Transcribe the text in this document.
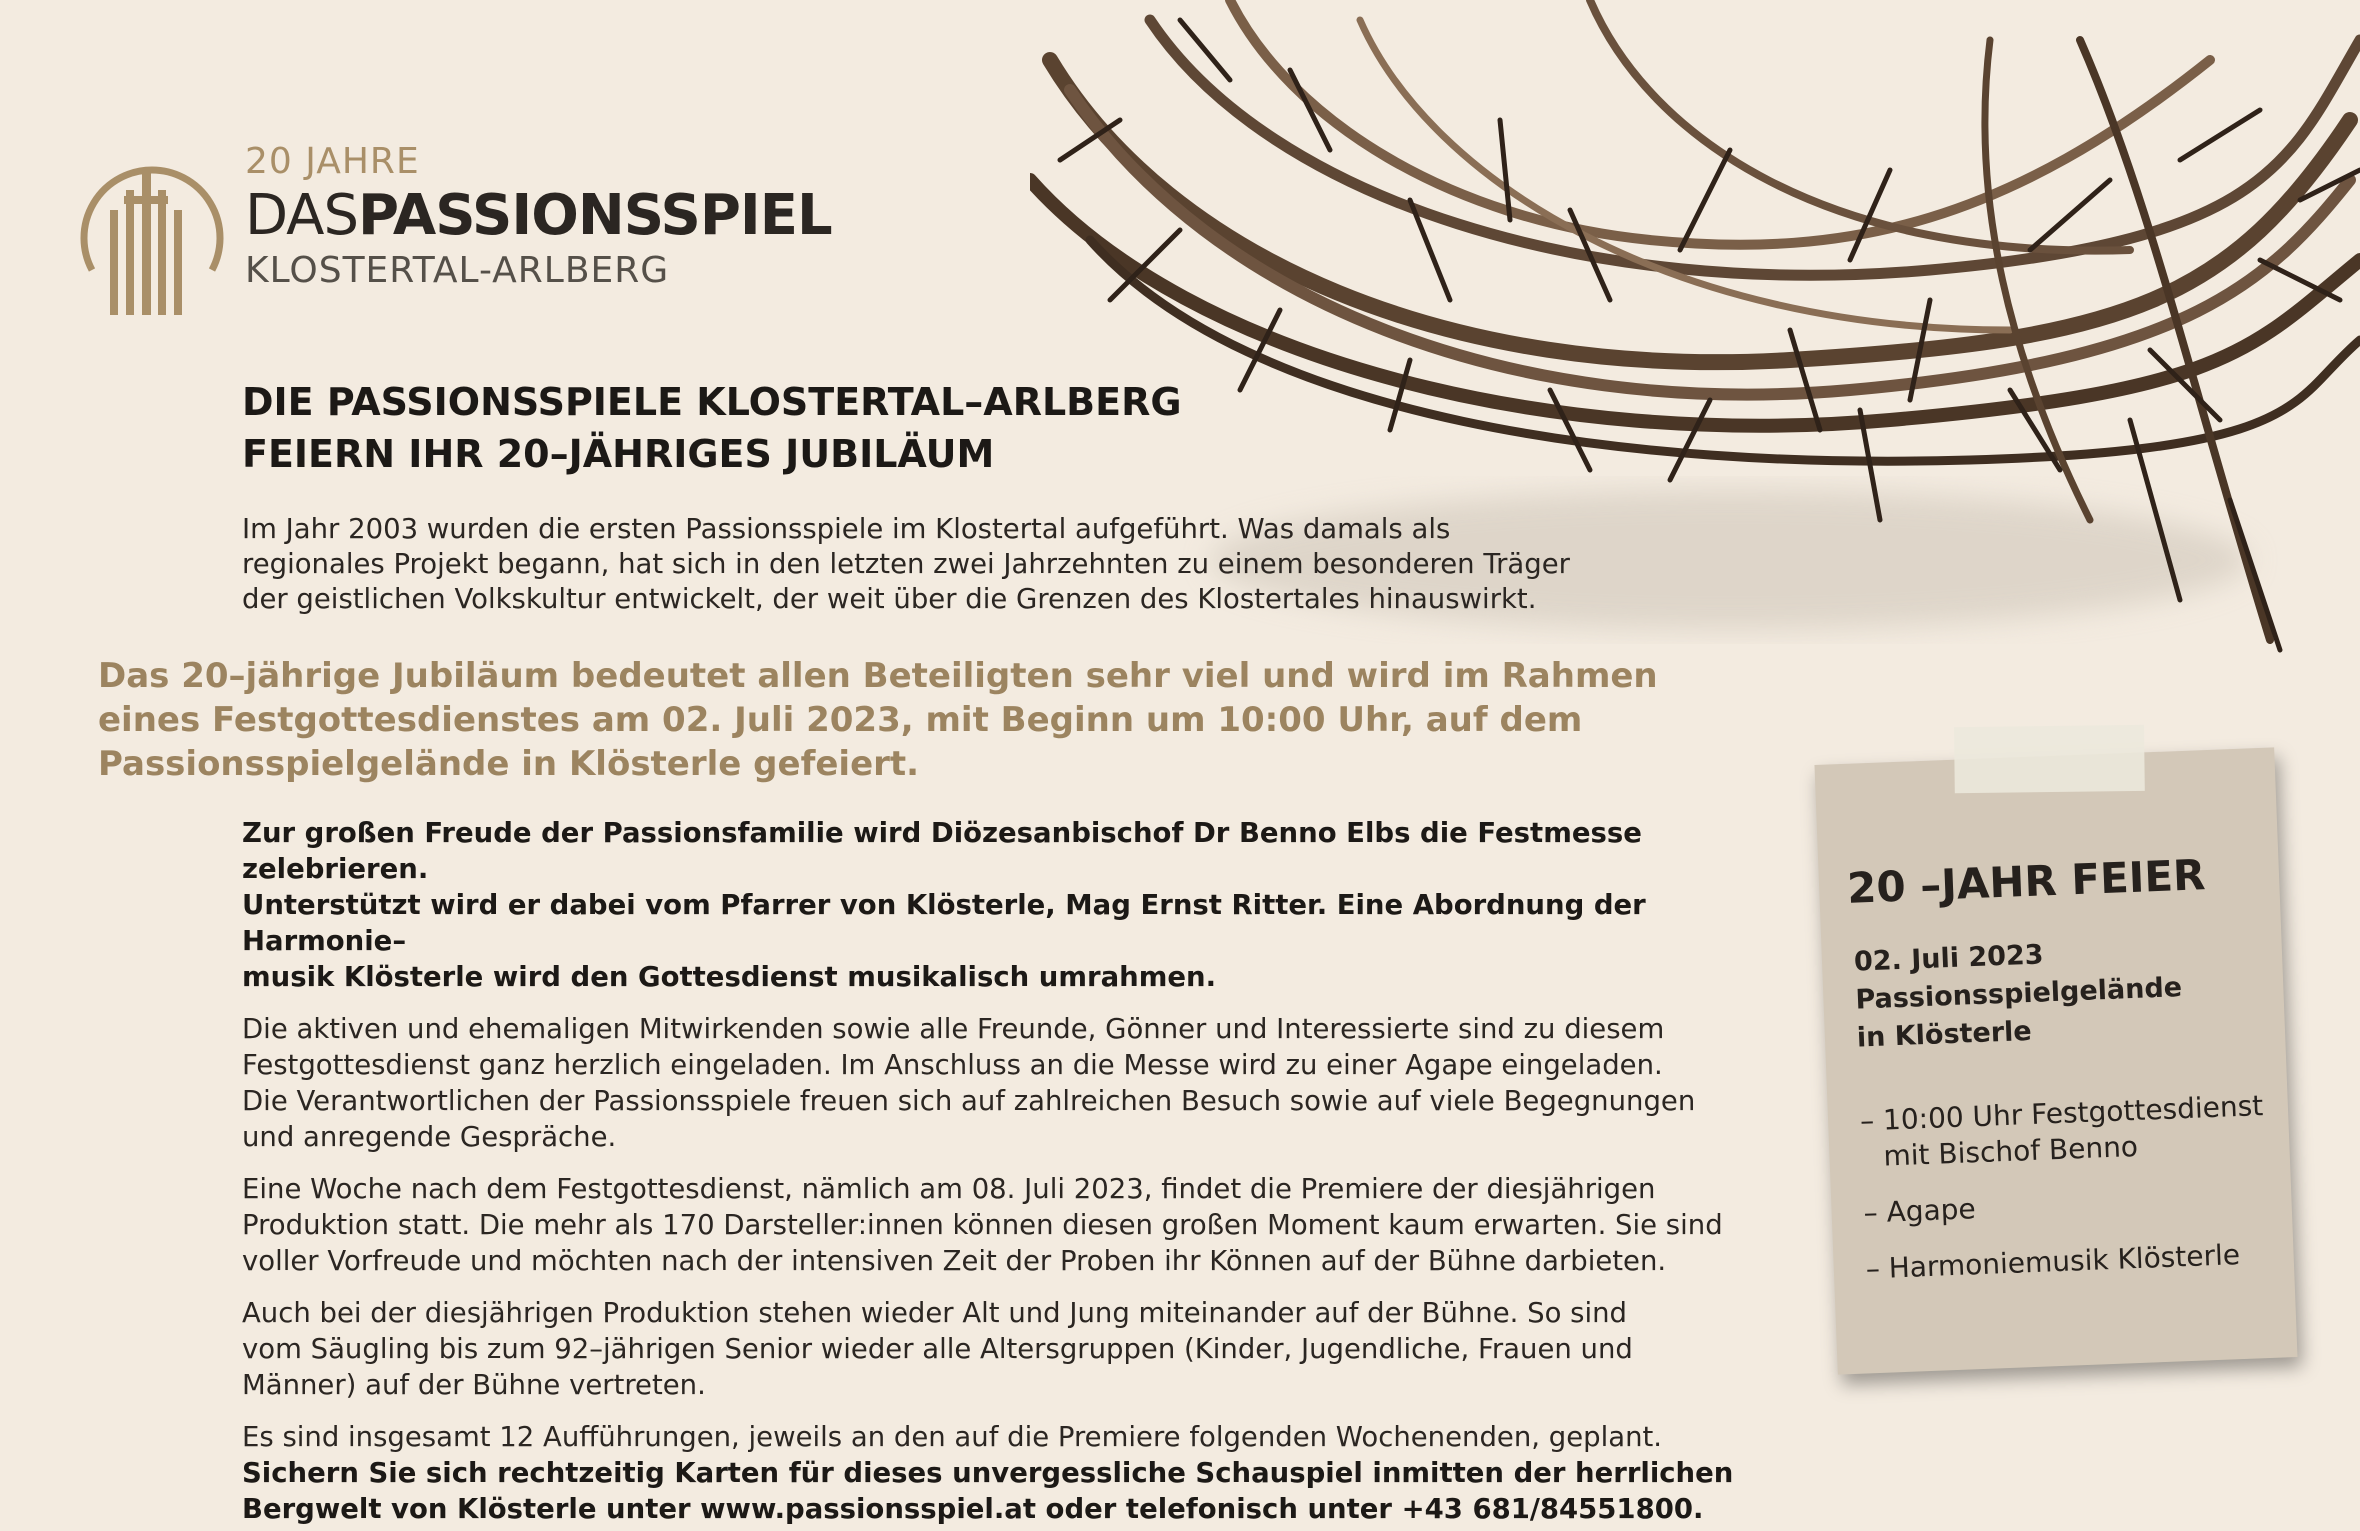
20 JAHRE
DASPASSIONSSPIEL
KLOSTERTAL-ARLBERG
DIE PASSIONSSPIELE KLOSTERTAL–ARLBERG
FEIERN IHR 20–JÄHRIGES JUBILÄUM
Im Jahr 2003 wurden die ersten Passionsspiele im Klostertal aufgeführt. Was damals als
regionales Projekt begann, hat sich in den letzten zwei Jahrzehnten zu einem besonderen Träger
der geistlichen Volkskultur entwickelt, der weit über die Grenzen des Klostertales hinauswirkt.
Das 20–jährige Jubiläum bedeutet allen Beteiligten sehr viel und wird im Rahmen
eines Festgottesdienstes am 02. Juli 2023, mit Beginn um 10:00 Uhr, auf dem
Passionsspielgelände in Klösterle gefeiert.

Zur großen Freude der Passionsfamilie wird Diözesanbischof Dr Benno Elbs die Festmesse zelebrieren.
Unterstützt wird er dabei vom Pfarrer von Klösterle, Mag Ernst Ritter. Eine Abordnung der Harmonie–
musik Klösterle wird den Gottesdienst musikalisch umrahmen.

Die aktiven und ehemaligen Mitwirkenden sowie alle Freunde, Gönner und Interessierte sind zu diesem
Festgottesdienst ganz herzlich eingeladen. Im Anschluss an die Messe wird zu einer Agape eingeladen.
Die Verantwortlichen der Passionsspiele freuen sich auf zahlreichen Besuch sowie auf viele Begegnungen
und anregende Gespräche.

Eine Woche nach dem Festgottesdienst, nämlich am 08. Juli 2023, findet die Premiere der diesjährigen
Produktion statt. Die mehr als 170 Darsteller:innen können diesen großen Moment kaum erwarten. Sie sind
voller Vorfreude und möchten nach der intensiven Zeit der Proben ihr Können auf der Bühne darbieten.

Auch bei der diesjährigen Produktion stehen wieder Alt und Jung miteinander auf der Bühne. So sind
vom Säugling bis zum 92–jährigen Senior wieder alle Altersgruppen (Kinder, Jugendliche, Frauen und
Männer) auf der Bühne vertreten.

Es sind insgesamt 12 Aufführungen, jeweils an den auf die Premiere folgenden Wochenenden, geplant.
Sichern Sie sich rechtzeitig Karten für dieses unvergessliche Schauspiel inmitten der herrlichen
Bergwelt von Klösterle unter www.passionsspiel.at oder telefonisch unter +43 681/84551800.

20 –JAHR FEIER
02. Juli 2023
Passionsspielgelände
in Klösterle
– 10:00 Uhr Festgottesdienst
mit Bischof Benno
– Agape
– Harmoniemusik Klösterle
